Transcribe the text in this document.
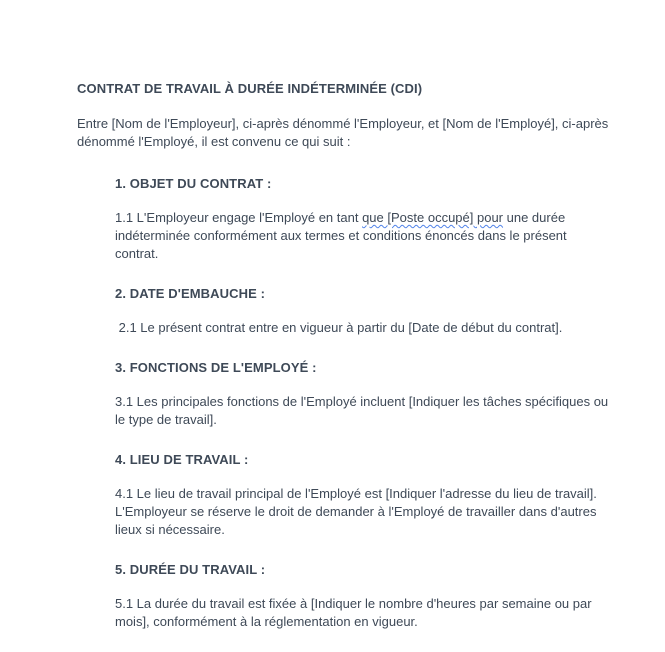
CONTRAT DE TRAVAIL À DURÉE INDÉTERMINÉE (CDI)

Entre [Nom de l'Employeur], ci-après dénommé l'Employeur, et [Nom de l'Employé], ci-après dénommé l'Employé, il est convenu ce qui suit :

1. OBJET DU CONTRAT :

1.1 L'Employeur engage l'Employé en tant que [Poste occupé] pour une durée indéterminée conformément aux termes et conditions énoncés dans le présent contrat.

2. DATE D'EMBAUCHE :

2.1 Le présent contrat entre en vigueur à partir du [Date de début du contrat].

3. FONCTIONS DE L'EMPLOYÉ :

3.1 Les principales fonctions de l'Employé incluent [Indiquer les tâches spécifiques ou le type de travail].

4. LIEU DE TRAVAIL :

4.1 Le lieu de travail principal de l'Employé est [Indiquer l'adresse du lieu de travail]. L'Employeur se réserve le droit de demander à l'Employé de travailler dans d'autres lieux si nécessaire.

5. DURÉE DU TRAVAIL :

5.1 La durée du travail est fixée à [Indiquer le nombre d'heures par semaine ou par mois], conformément à la réglementation en vigueur.
